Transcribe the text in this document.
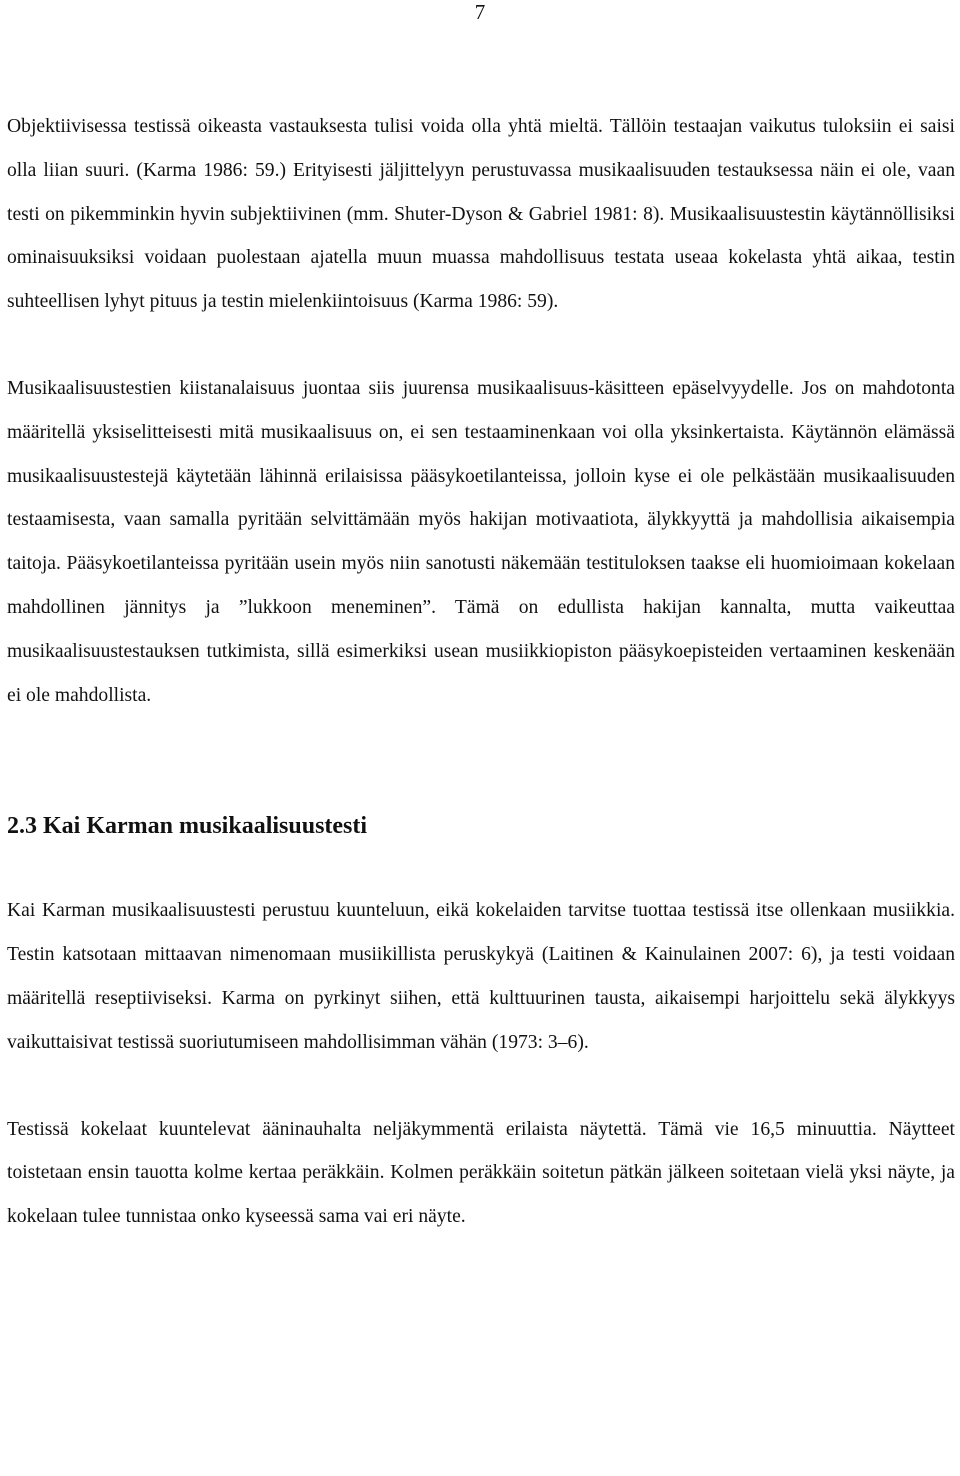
7

Objektiivisessa testissä oikeasta vastauksesta tulisi voida olla yhtä mieltä. Tällöin testaajan vaikutus tuloksiin ei saisi olla liian suuri. (Karma 1986: 59.) Erityisesti jäljittelyyn perustuvassa musikaalisuuden testauksessa näin ei ole, vaan testi on pikemminkin hyvin subjektiivinen (mm. Shuter-Dyson & Gabriel 1981: 8). Musikaalisuustestin käytännöllisiksi ominaisuuksiksi voidaan puolestaan ajatella muun muassa mahdollisuus testata useaa kokelasta yhtä aikaa, testin suhteellisen lyhyt pituus ja testin mielenkiintoisuus (Karma 1986: 59).

Musikaalisuustestien kiistanalaisuus juontaa siis juurensa musikaalisuus-käsitteen epäselvyydelle. Jos on mahdotonta määritellä yksiselitteisesti mitä musikaalisuus on, ei sen testaaminenkaan voi olla yksinkertaista. Käytännön elämässä musikaalisuustestejä käytetään lähinnä erilaisissa pääsykoetilanteissa, jolloin kyse ei ole pelkästään musikaalisuuden testaamisesta, vaan samalla pyritään selvittämään myös hakijan motivaatiota, älykkyyttä ja mahdollisia aikaisempia taitoja. Pääsykoetilanteissa pyritään usein myös niin sanotusti näkemään testituloksen taakse eli huomioimaan kokelaan mahdollinen jännitys ja ”lukkoon meneminen”. Tämä on edullista hakijan kannalta, mutta vaikeuttaa musikaalisuustestauksen tutkimista, sillä esimerkiksi usean musiikkiopiston pääsykoepisteiden vertaaminen keskenään ei ole mahdollista.

2.3 Kai Karman musikaalisuustesti

Kai Karman musikaalisuustesti perustuu kuunteluun, eikä kokelaiden tarvitse tuottaa testissä itse ollenkaan musiikkia. Testin katsotaan mittaavan nimenomaan musiikillista peruskykyä (Laitinen & Kainulainen 2007: 6), ja testi voidaan määritellä reseptiiviseksi. Karma on pyrkinyt siihen, että kulttuurinen tausta, aikaisempi harjoittelu sekä älykkyys vaikuttaisivat testissä suoriutumiseen mahdollisimman vähän (1973: 3–6).

Testissä kokelaat kuuntelevat ääninauhalta neljäkymmentä erilaista näytettä. Tämä vie 16,5 minuuttia. Näytteet toistetaan ensin tauotta kolme kertaa peräkkäin. Kolmen peräkkäin soitetun pätkän jälkeen soitetaan vielä yksi näyte, ja kokelaan tulee tunnistaa onko kyseessä sama vai eri näyte.
